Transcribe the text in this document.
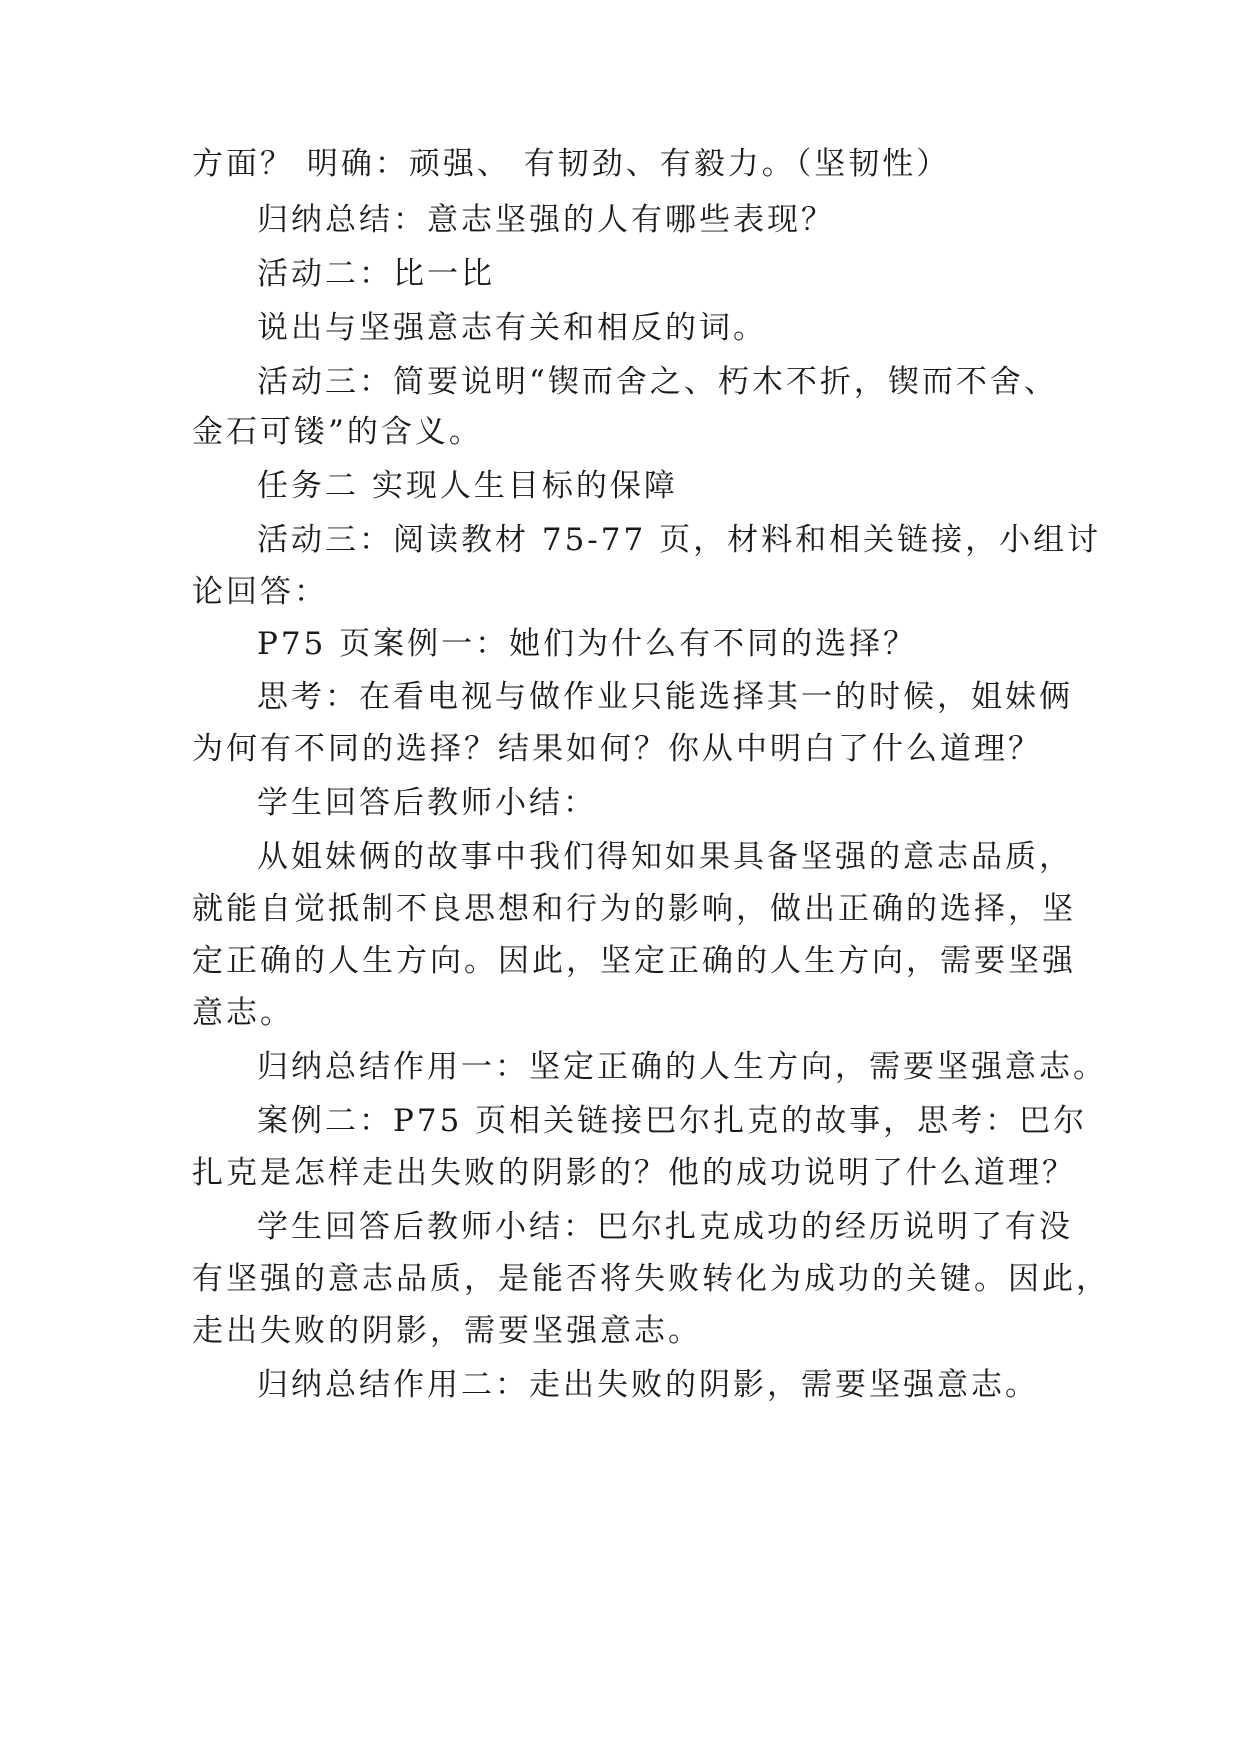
方面？ 明确：顽强、 有韧劲、有毅力。（坚韧性）
归纳总结：意志坚强的人有哪些表现？
活动二：比一比
说出与坚强意志有关和相反的词。
活动三：简要说明“锲而舍之、朽木不折，锲而不舍、
金石可镂”的含义。
任务二 实现人生目标的保障
活动三：阅读教材 75-77 页，材料和相关链接，小组讨
论回答：
P75 页案例一：她们为什么有不同的选择？
思考：在看电视与做作业只能选择其一的时候，姐妹俩
为何有不同的选择？结果如何？你从中明白了什么道理？
学生回答后教师小结：
从姐妹俩的故事中我们得知如果具备坚强的意志品质，
就能自觉抵制不良思想和行为的影响，做出正确的选择，坚
定正确的人生方向。因此，坚定正确的人生方向，需要坚强
意志。
归纳总结作用一：坚定正确的人生方向，需要坚强意志。
案例二：P75 页相关链接巴尔扎克的故事，思考：巴尔
扎克是怎样走出失败的阴影的？他的成功说明了什么道理？
学生回答后教师小结：巴尔扎克成功的经历说明了有没
有坚强的意志品质，是能否将失败转化为成功的关键。因此，
走出失败的阴影，需要坚强意志。
归纳总结作用二：走出失败的阴影，需要坚强意志。
